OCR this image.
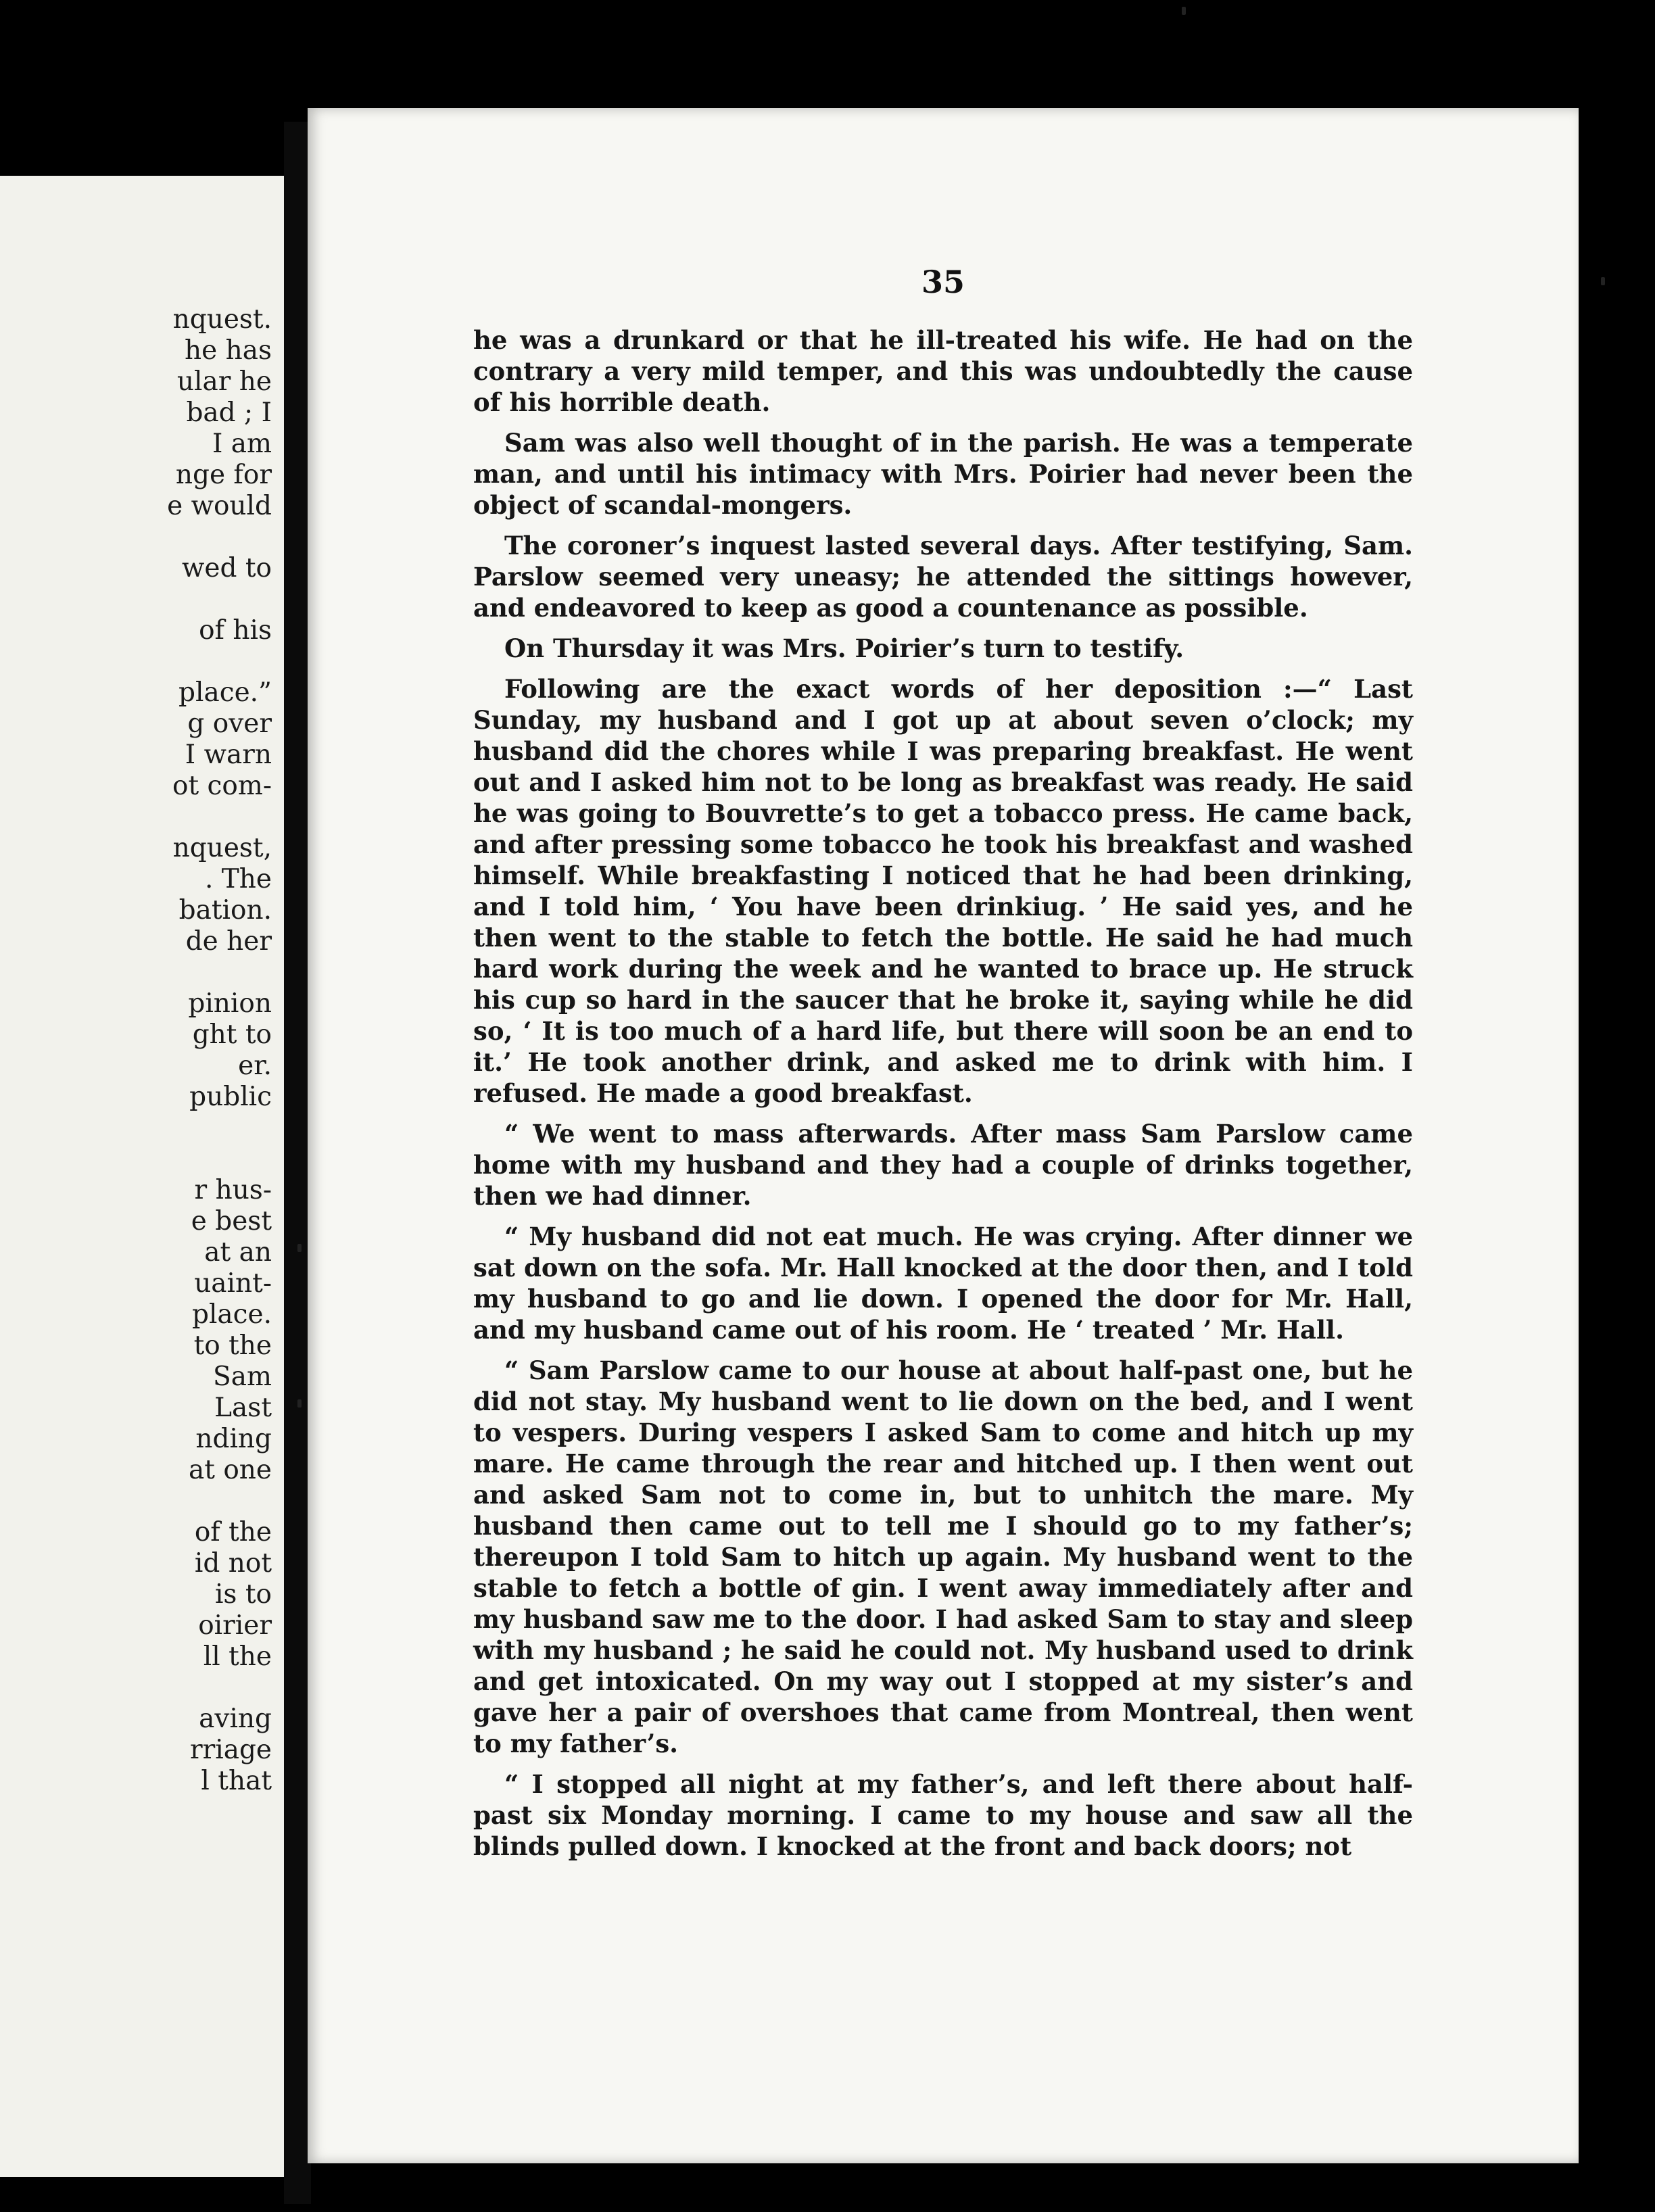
nquest.
he has
ular he
bad ; I
I am
nge for
e would
wed to
of his
place.”
g over
I warn
ot com-
nquest,
. The
bation.
de her
pinion
ght to
er.
public
r hus-
e best
at an
uaint-
place.
to the
Sam
Last
nding
at one
of the
id not
is to
oirier
ll the
aving
rriage
l that
35

he was a drunkard or that he ill-treated his wife. He had on the contrary a very mild temper, and this was undoubtedly the cause of his horrible death.

Sam was also well thought of in the parish. He was a temperate man, and until his intimacy with Mrs. Poirier had never been the object of scandal-mongers.

The coroner’s inquest lasted several days. After testifying, Sam. Parslow seemed very uneasy; he attended the sittings however, and endeavored to keep as good a countenance as possible.

On Thursday it was Mrs. Poirier’s turn to testify.

Following are the exact words of her deposition :—“ Last Sunday, my husband and I got up at about seven o’clock; my husband did the chores while I was preparing breakfast. He went out and I asked him not to be long as breakfast was ready. He said he was going to Bouvrette’s to get a tobacco press. He came back, and after pressing some tobacco he took his breakfast and washed himself. While breakfasting I noticed that he had been drinking, and I told him, ‘ You have been drinkiug. ’ He said yes, and he then went to the stable to fetch the bottle. He said he had much hard work during the week and he wanted to brace up. He struck his cup so hard in the saucer that he broke it, saying while he did so, ‘ It is too much of a hard life, but there will soon be an end to it.’ He took another drink, and asked me to drink with him. I refused. He made a good breakfast.

“ We went to mass afterwards. After mass Sam Parslow came home with my husband and they had a couple of drinks together, then we had dinner.

“ My husband did not eat much. He was crying. After dinner we sat down on the sofa. Mr. Hall knocked at the door then, and I told my husband to go and lie down. I opened the door for Mr. Hall, and my husband came out of his room. He ‘ treated ’ Mr. Hall.

“ Sam Parslow came to our house at about half-past one, but he did not stay. My husband went to lie down on the bed, and I went to vespers. During vespers I asked Sam to come and hitch up my mare. He came through the rear and hitched up. I then went out and asked Sam not to come in, but to unhitch the mare. My husband then came out to tell me I should go to my father’s; thereupon I told Sam to hitch up again. My husband went to the stable to fetch a bottle of gin. I went away immediately after and my husband saw me to the door. I had asked Sam to stay and sleep with my husband ; he said he could not. My husband used to drink and get intoxicated. On my way out I stopped at my sister’s and gave her a pair of overshoes that came from Montreal, then went to my father’s.

“ I stopped all night at my father’s, and left there about half-past six Monday morning. I came to my house and saw all the blinds pulled down. I knocked at the front and back doors; not
